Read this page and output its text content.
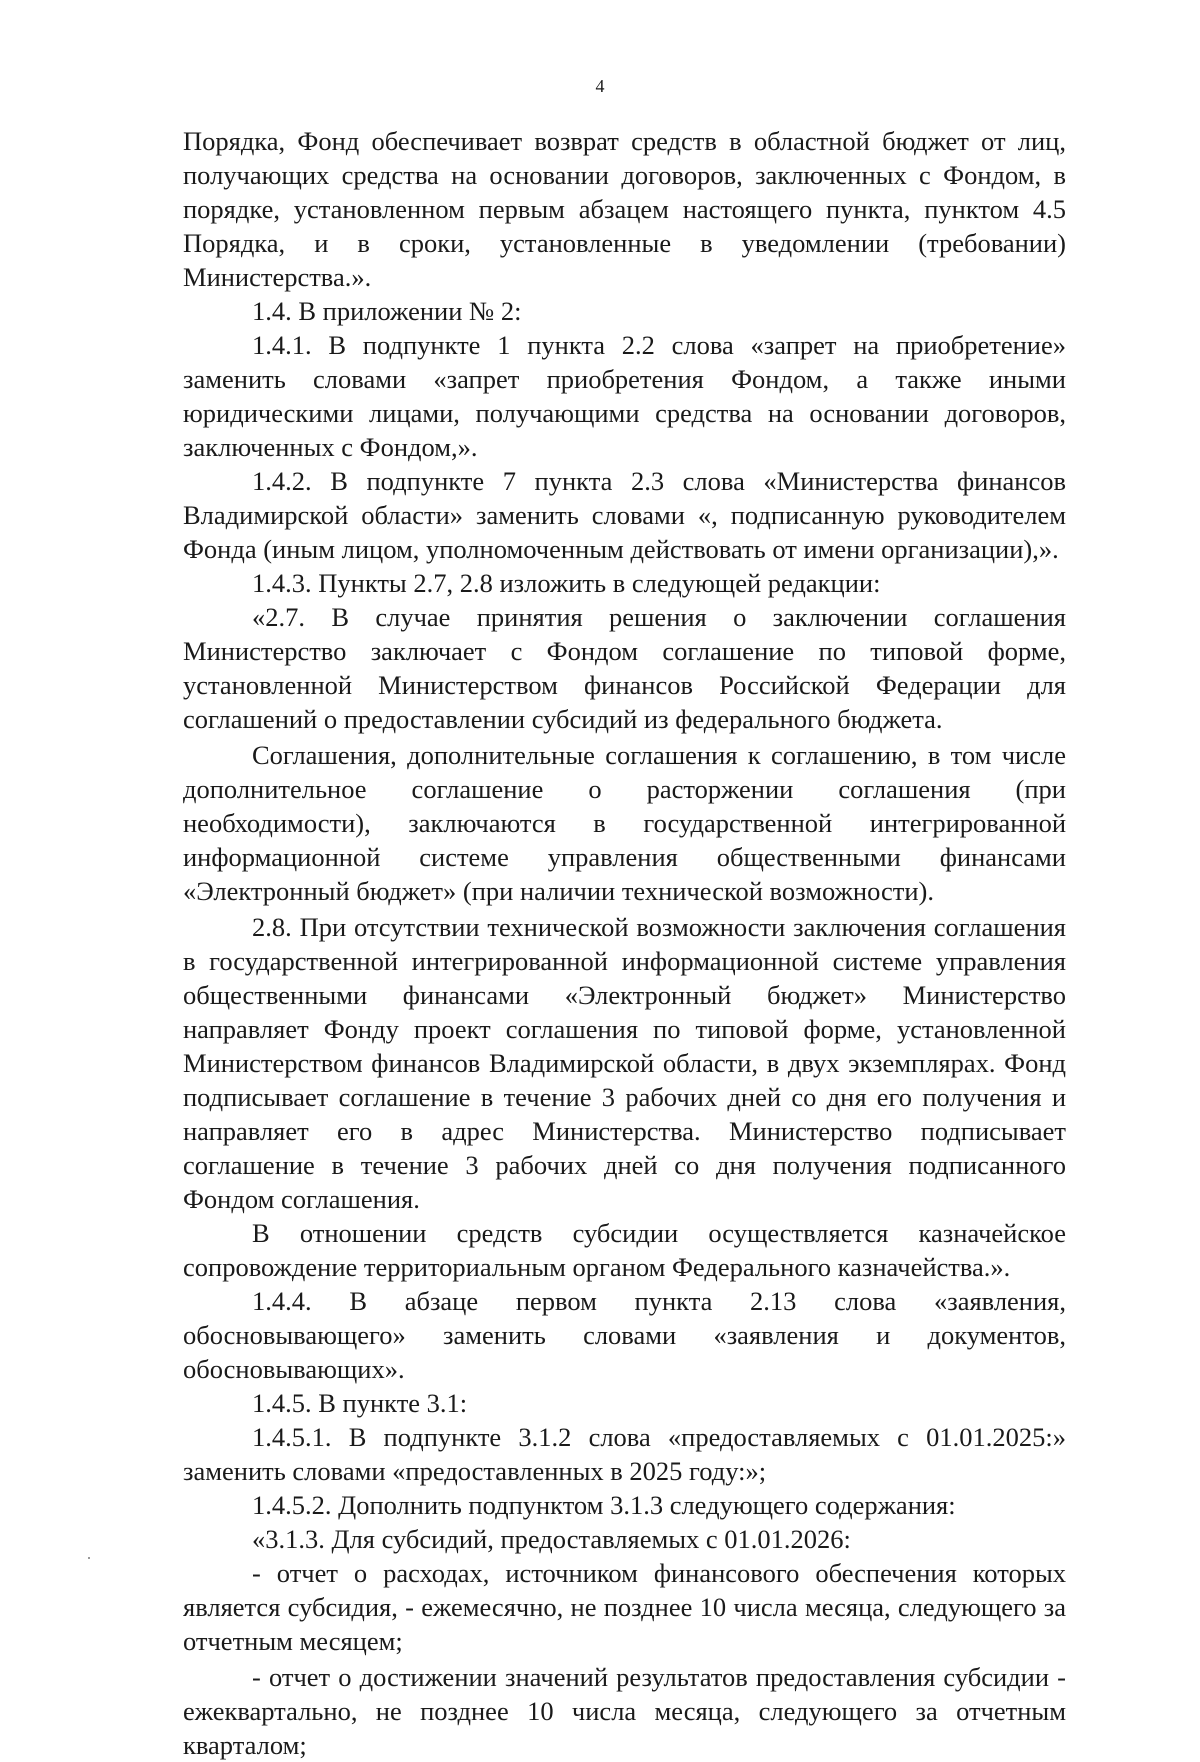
4

Порядка, Фонд обеспечивает возврат средств в областной бюджет от лиц, получающих средства на основании договоров, заключенных с Фондом, в порядке, установленном первым абзацем настоящего пункта, пунктом 4.5 Порядка, и в сроки, установленные в уведомлении (требовании) Министерства.».

1.4. В приложении № 2:

1.4.1. В подпункте 1 пункта 2.2 слова «запрет на приобретение» заменить словами «запрет приобретения Фондом, а также иными юридическими лицами, получающими средства на основании договоров, заключенных с Фондом,».

1.4.2. В подпункте 7 пункта 2.3 слова «Министерства финансов Владимирской области» заменить словами «, подписанную руководителем Фонда (иным лицом, уполномоченным действовать от имени организации),».

1.4.3. Пункты 2.7, 2.8 изложить в следующей редакции:

«2.7. В случае принятия решения о заключении соглашения Министерство заключает с Фондом соглашение по типовой форме, установленной Министерством финансов Российской Федерации для соглашений о предоставлении субсидий из федерального бюджета.

Соглашения, дополнительные соглашения к соглашению, в том числе дополнительное соглашение о расторжении соглашения (при необходимости), заключаются в государственной интегрированной информационной системе управления общественными финансами «Электронный бюджет» (при наличии технической возможности).

2.8. При отсутствии технической возможности заключения соглашения в государственной интегрированной информационной системе управления общественными финансами «Электронный бюджет» Министерство направляет Фонду проект соглашения по типовой форме, установленной Министерством финансов Владимирской области, в двух экземплярах. Фонд подписывает соглашение в течение 3 рабочих дней со дня его получения и направляет его в адрес Министерства. Министерство подписывает соглашение в течение 3 рабочих дней со дня получения подписанного Фондом соглашения.

В отношении средств субсидии осуществляется казначейское сопровождение территориальным органом Федерального казначейства.».

1.4.4. В абзаце первом пункта 2.13 слова «заявления, обосновывающего» заменить словами «заявления и документов, обосновывающих».

1.4.5. В пункте 3.1:

1.4.5.1. В подпункте 3.1.2 слова «предоставляемых с 01.01.2025:» заменить словами «предоставленных в 2025 году:»;

1.4.5.2. Дополнить подпунктом 3.1.3 следующего содержания:

«3.1.3. Для субсидий, предоставляемых с 01.01.2026:

- отчет о расходах, источником финансового обеспечения которых является субсидия, - ежемесячно, не позднее 10 числа месяца, следующего за отчетным месяцем;

- отчет о достижении значений результатов предоставления субсидии - ежеквартально, не позднее 10 числа месяца, следующего за отчетным кварталом;
